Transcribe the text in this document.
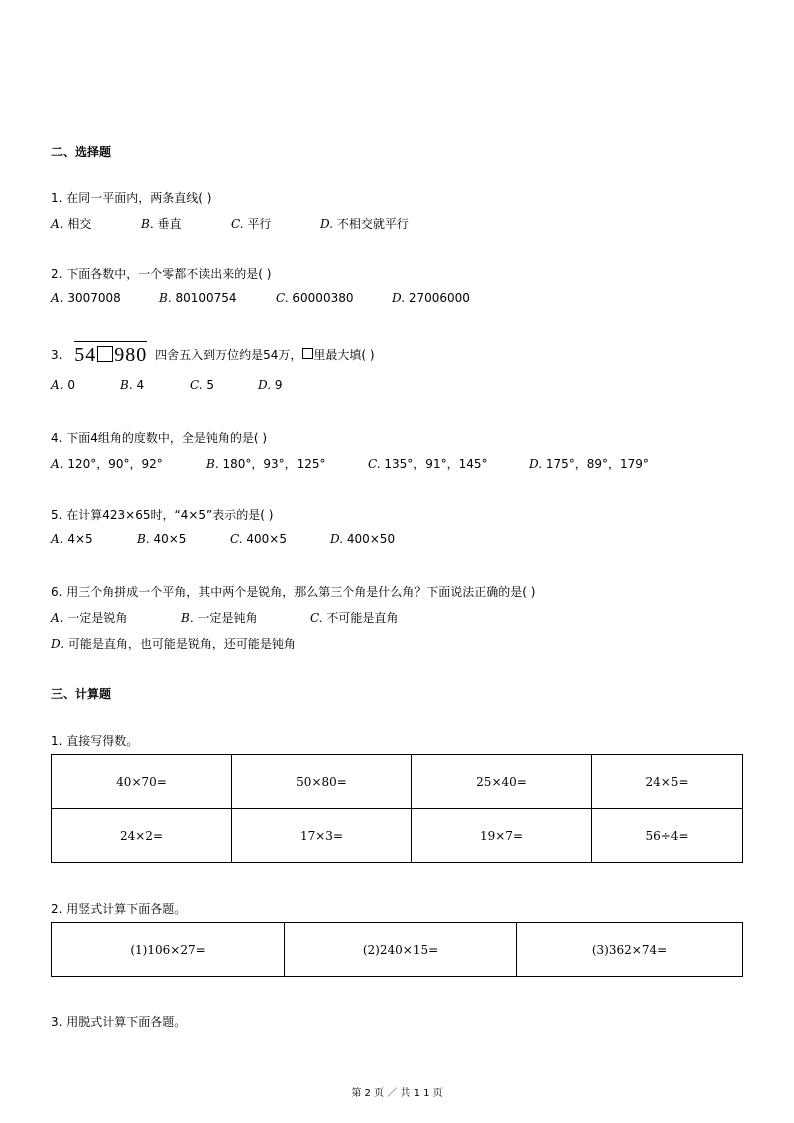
二、选择题
1. 在同一平面内，两条直线( )
A. 相交	B. 垂直	C. 平行	D. 不相交就平行
2. 下面各数中，一个零都不读出来的是( )
A. 3007008	B. 80100754	C. 60000380	D. 27006000
3. 54 980 四舍五入到万位约是54万， 里最大填( )
A. 0	B. 4	C. 5	D. 9
4. 下面4组角的度数中，全是钝角的是( )
A. 120°，90°，92°	B. 180°，93°，125°	C. 135°，91°，145°	D. 175°，89°，179°
5. 在计算423×65时，“4×5”表示的是( )
A. 4×5	B. 40×5	C. 400×5	D. 400×50
6. 用三个角拼成一个平角，其中两个是锐角，那么第三个角是什么角？下面说法正确的是( )
A. 一定是锐角	B. 一定是钝角	C. 不可能是直角
D. 可能是直角，也可能是锐角，还可能是钝角
三、计算题
1. 直接写得数。
40×70=	50×80=	25×40=	24×5=
24×2=	17×3=	19×7=	56÷4=
2. 用竖式计算下面各题。
(1)106×27=	(2)240×15=	(3)362×74=
3. 用脱式计算下面各题。
第 2 页 ／ 共 1 1 页
